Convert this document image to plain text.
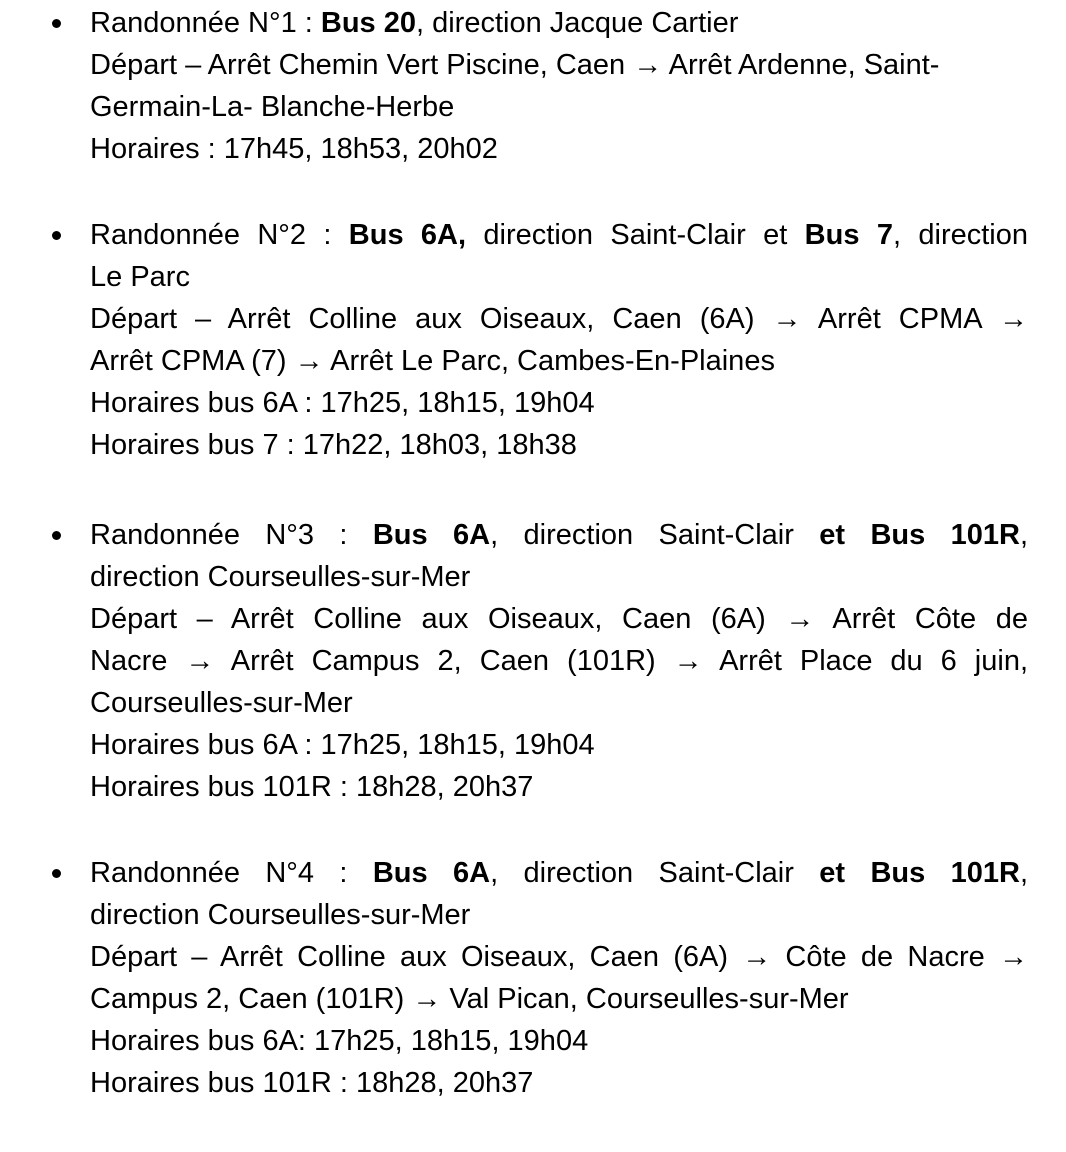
Randonnée N°1 : Bus 20, direction Jacque Cartier
Départ – Arrêt Chemin Vert Piscine, Caen → Arrêt Ardenne, Saint-
Germain-La- Blanche-Herbe
Horaires : 17h45, 18h53, 20h02
Randonnée N°2 : Bus 6A, direction Saint-Clair et Bus 7, direction
Le Parc
Départ – Arrêt Colline aux Oiseaux, Caen (6A) → Arrêt CPMA →
Arrêt CPMA (7) → Arrêt Le Parc, Cambes-En-Plaines
Horaires bus 6A : 17h25, 18h15, 19h04
Horaires bus 7 : 17h22, 18h03, 18h38
Randonnée N°3 : Bus 6A, direction Saint-Clair et Bus 101R,
direction Courseulles-sur-Mer
Départ – Arrêt Colline aux Oiseaux, Caen (6A) → Arrêt Côte de
Nacre → Arrêt Campus 2, Caen (101R) → Arrêt Place du 6 juin,
Courseulles-sur-Mer
Horaires bus 6A : 17h25, 18h15, 19h04
Horaires bus 101R : 18h28, 20h37
Randonnée N°4 : Bus 6A, direction Saint-Clair et Bus 101R,
direction Courseulles-sur-Mer
Départ – Arrêt Colline aux Oiseaux, Caen (6A) → Côte de Nacre →
Campus 2, Caen (101R) → Val Pican, Courseulles-sur-Mer
Horaires bus 6A: 17h25, 18h15, 19h04
Horaires bus 101R : 18h28, 20h37
